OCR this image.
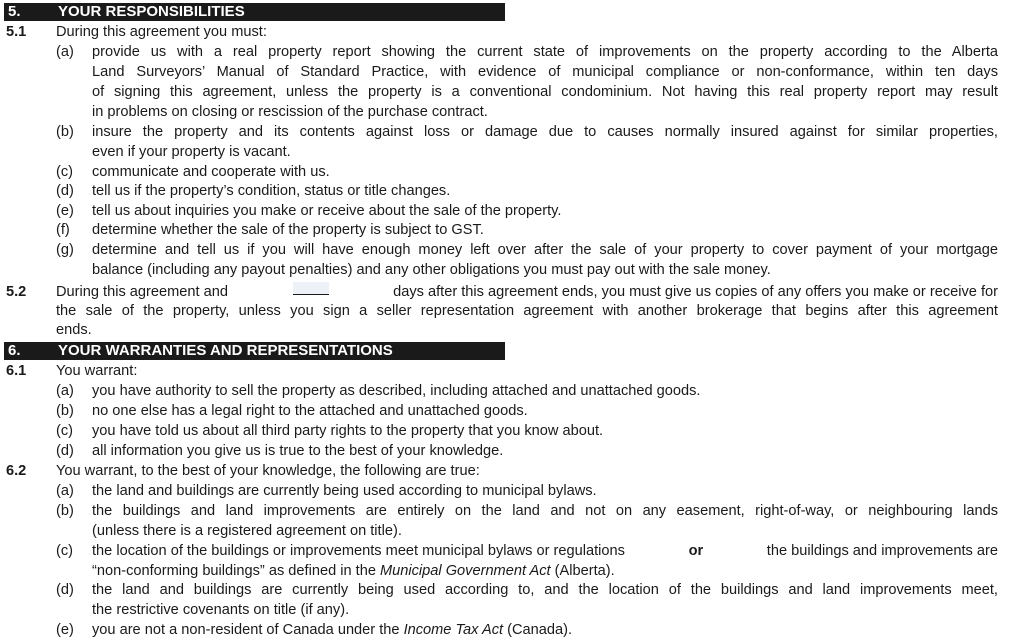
5. YOUR RESPONSIBILITIES
5.1 During this agreement you must:
(a) provide us with a real property report showing the current state of improvements on the property according to the Alberta
Land Surveyors’ Manual of Standard Practice, with evidence of municipal compliance or non-conformance, within ten days
of signing this agreement, unless the property is a conventional condominium. Not having this real property report may result
in problems on closing or rescission of the purchase contract.
(b) insure the property and its contents against loss or damage due to causes normally insured against for similar properties,
even if your property is vacant.
(c) communicate and cooperate with us.
(d) tell us if the property’s condition, status or title changes.
(e) tell us about inquiries you make or receive about the sale of the property.
(f) determine whether the sale of the property is subject to GST.
(g) determine and tell us if you will have enough money left over after the sale of your property to cover payment of your mortgage
balance (including any payout penalties) and any other obligations you must pay out with the sale money.
5.2 During this agreement and	days after this agreement ends, you must give us copies of any offers you make or receive for
the sale of the property, unless you sign a seller representation agreement with another brokerage that begins after this agreement
ends.
6. YOUR WARRANTIES AND REPRESENTATIONS
6.1 You warrant:
(a) you have authority to sell the property as described, including attached and unattached goods.
(b) no one else has a legal right to the attached and unattached goods.
(c) you have told us about all third party rights to the property that you know about.
(d) all information you give us is true to the best of your knowledge.
6.2 You warrant, to the best of your knowledge, the following are true:
(a) the land and buildings are currently being used according to municipal bylaws.
(b) the buildings and land improvements are entirely on the land and not on any easement, right-of-way, or neighbouring lands
(unless there is a registered agreement on title).
(c) the location of the buildings or improvements meet municipal bylaws or regulations	or	the buildings and improvements are
“non-conforming buildings” as defined in the Municipal Government Act (Alberta).
(d) the land and buildings are currently being used according to, and the location of the buildings and land improvements meet,
the restrictive covenants on title (if any).
(e) you are not a non-resident of Canada under the Income Tax Act (Canada).
